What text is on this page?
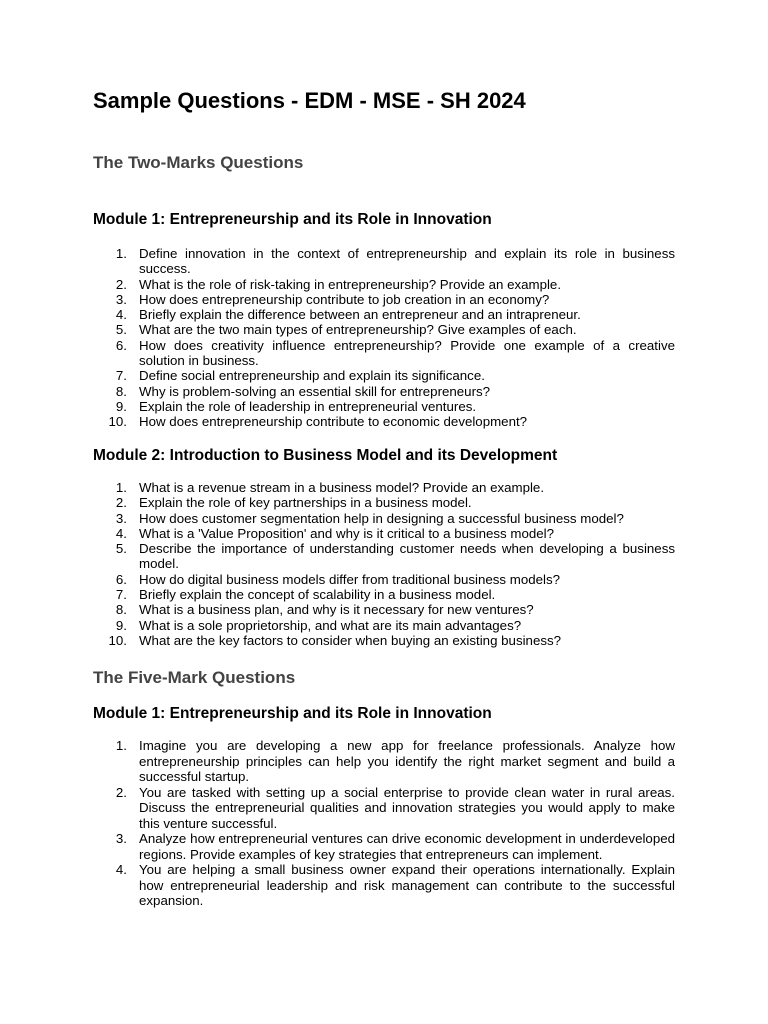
Sample Questions - EDM - MSE - SH 2024
The Two-Marks Questions
Module 1: Entrepreneurship and its Role in Innovation
1. Define innovation in the context of entrepreneurship and explain its role in business success.
2. What is the role of risk-taking in entrepreneurship? Provide an example.
3. How does entrepreneurship contribute to job creation in an economy?
4. Briefly explain the difference between an entrepreneur and an intrapreneur.
5. What are the two main types of entrepreneurship? Give examples of each.
6. How does creativity influence entrepreneurship? Provide one example of a creative solution in business.
7. Define social entrepreneurship and explain its significance.
8. Why is problem-solving an essential skill for entrepreneurs?
9. Explain the role of leadership in entrepreneurial ventures.
10. How does entrepreneurship contribute to economic development?
Module 2: Introduction to Business Model and its Development
1. What is a revenue stream in a business model? Provide an example.
2. Explain the role of key partnerships in a business model.
3. How does customer segmentation help in designing a successful business model?
4. What is a 'Value Proposition' and why is it critical to a business model?
5. Describe the importance of understanding customer needs when developing a business model.
6. How do digital business models differ from traditional business models?
7. Briefly explain the concept of scalability in a business model.
8. What is a business plan, and why is it necessary for new ventures?
9. What is a sole proprietorship, and what are its main advantages?
10. What are the key factors to consider when buying an existing business?
The Five-Mark Questions
Module 1: Entrepreneurship and its Role in Innovation
1. Imagine you are developing a new app for freelance professionals. Analyze how entrepreneurship principles can help you identify the right market segment and build a successful startup.
2. You are tasked with setting up a social enterprise to provide clean water in rural areas. Discuss the entrepreneurial qualities and innovation strategies you would apply to make this venture successful.
3. Analyze how entrepreneurial ventures can drive economic development in underdeveloped regions. Provide examples of key strategies that entrepreneurs can implement.
4. You are helping a small business owner expand their operations internationally. Explain how entrepreneurial leadership and risk management can contribute to the successful expansion.
